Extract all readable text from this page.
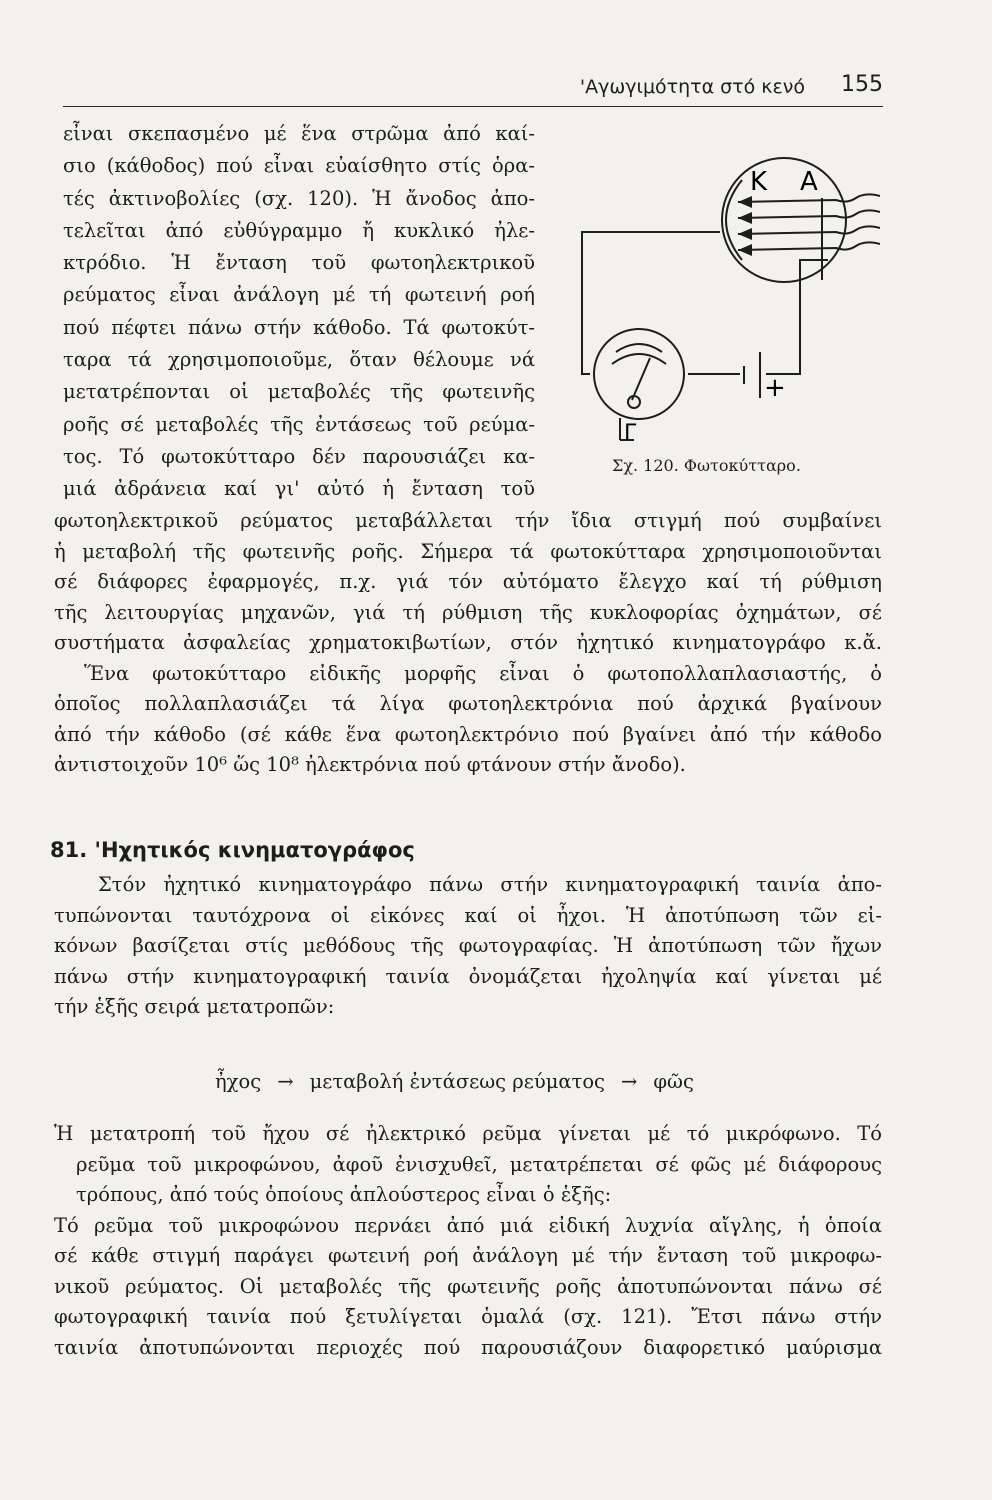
'Αγωγιμότητα στό κενό 155
εἶναι σκεπασμένο μέ ἕνα στρῶμα ἀπό καί-
σιο (κάθοδος) πού εἶναι εὐαίσθητο στίς ὁρα-
τές ἀκτινοβολίες (σχ. 120). Ἡ ἄνοδος ἀπο-
τελεῖται ἀπό εὐθύγραμμο ἤ κυκλικό ἠλε-
κτρόδιο. Ἡ ἔνταση τοῦ φωτοηλεκτρικοῦ
ρεύματος εἶναι ἀνάλογη μέ τή φωτεινή ροή
πού πέφτει πάνω στήν κάθοδο. Τά φωτοκύτ-
ταρα τά χρησιμοποιοῦμε, ὅταν θέλουμε νά
μετατρέπονται οἱ μεταβολές τῆς φωτεινῆς
ροῆς σέ μεταβολές τῆς ἐντάσεως τοῦ ρεύμα-
τος. Τό φωτοκύτταρο δέν παρουσιάζει κα-
μιά ἀδράνεια καί γι' αὐτό ἡ ἔνταση τοῦ
K A
Γ
+
Σχ. 120. Φωτοκύτταρο.
φωτοηλεκτρικοῦ ρεύματος μεταβάλλεται τήν ἴδια στιγμή πού συμβαίνει
ἡ μεταβολή τῆς φωτεινῆς ροῆς. Σήμερα τά φωτοκύτταρα χρησιμοποιοῦνται
σέ διάφορες ἐφαρμογές, π.χ. γιά τόν αὐτόματο ἔλεγχο καί τή ρύθμιση
τῆς λειτουργίας μηχανῶν, γιά τή ρύθμιση τῆς κυκλοφορίας ὀχημάτων, σέ
συστήματα ἀσφαλείας χρηματοκιβωτίων, στόν ἠχητικό κινηματογράφο κ.ἄ.
Ἕνα φωτοκύτταρο εἰδικῆς μορφῆς εἶναι ὁ φωτοπολλαπλασιαστής, ὁ
ὁποῖος πολλαπλασιάζει τά λίγα φωτοηλεκτρόνια πού ἀρχικά βγαίνουν
ἀπό τήν κάθοδο (σέ κάθε ἕνα φωτοηλεκτρόνιο πού βγαίνει ἀπό τήν κάθοδο
ἀντιστοιχοῦν 10⁶ ὥς 10⁸ ἠλεκτρόνια πού φτάνουν στήν ἄνοδο).
81. 'Ηχητικός κινηματογράφος
Στόν ἠχητικό κινηματογράφο πάνω στήν κινηματογραφική ταινία ἀπο-
τυπώνονται ταυτόχρονα οἱ εἰκόνες καί οἱ ἦχοι. Ἡ ἀποτύπωση τῶν εἰ-
κόνων βασίζεται στίς μεθόδους τῆς φωτογραφίας. Ἡ ἀποτύπωση τῶν ἤχων
πάνω στήν κινηματογραφική ταινία ὀνομάζεται ἠχοληψία καί γίνεται μέ
τήν ἑξῆς σειρά μετατροπῶν:
ἦχος → μεταβολή ἐντάσεως ρεύματος → φῶς
Ἡ μετατροπή τοῦ ἤχου σέ ἠλεκτρικό ρεῦμα γίνεται μέ τό μικρόφωνο. Τό
ρεῦμα τοῦ μικροφώνου, ἀφοῦ ἐνισχυθεῖ, μετατρέπεται σέ φῶς μέ διάφορους
τρόπους, ἀπό τούς ὁποίους ἁπλούστερος εἶναι ὁ ἑξῆς:
Τό ρεῦμα τοῦ μικροφώνου περνάει ἀπό μιά εἰδική λυχνία αἴγλης, ἡ ὁποία
σέ κάθε στιγμή παράγει φωτεινή ροή ἀνάλογη μέ τήν ἔνταση τοῦ μικροφω-
νικοῦ ρεύματος. Οἱ μεταβολές τῆς φωτεινῆς ροῆς ἀποτυπώνονται πάνω σέ
φωτογραφική ταινία πού ξετυλίγεται ὁμαλά (σχ. 121). Ἔτσι πάνω στήν
ταινία ἀποτυπώνονται περιοχές πού παρουσιάζουν διαφορετικό μαύρισμα
